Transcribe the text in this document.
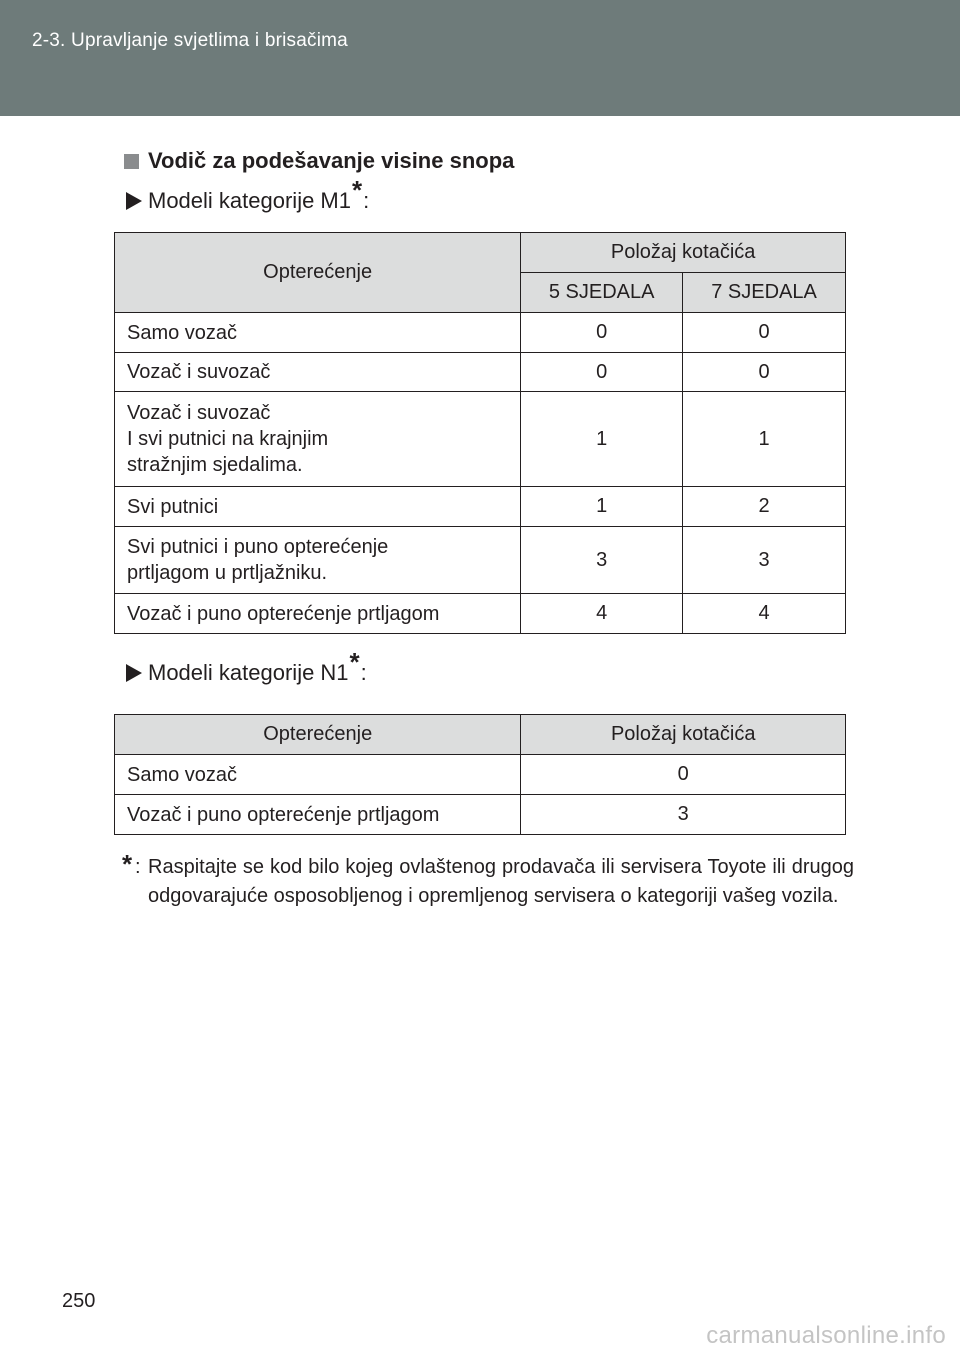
2-3. Upravljanje svjetlima i brisačima
Vodič za podešavanje visine snopa
Modeli kategorije M1 * :
Opterećenje	Položaj kotačića	
	5 SJEDALA	7 SJEDALA
Samo vozač	0	0
Vozač i suvozač	0	0
Vozač i suvozač
I svi putnici na krajnjim
stražnjim sjedalima.	1	1
Svi putnici	1	2
Svi putnici i puno opterećenje
prtljagom u prtljažniku.	3	3
Vozač i puno opterećenje prtljagom	4	4
Modeli kategorije N1 * :
Opterećenje	Položaj kotačića
Samo vozač	0
Vozač i puno opterećenje prtljagom	3
* : Raspitajte se kod bilo kojeg ovlaštenog prodavača ili servisera Toyote ili drugog odgovarajuće osposobljenog i opremljenog servisera o kategoriji vašeg vozila.
250
carmanualsonline.info
